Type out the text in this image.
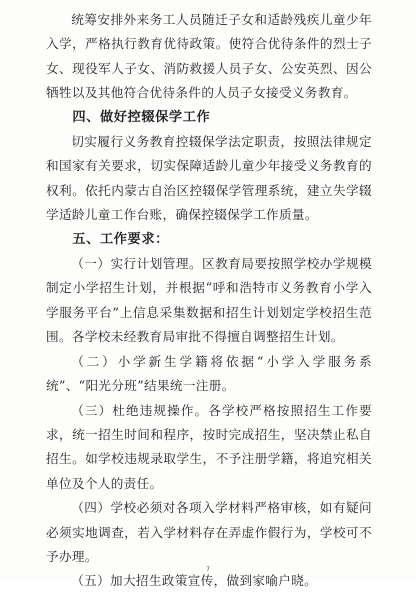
统筹安排外来务工人员随迁子女和适龄残疾儿童少年入学，严格执行教育优待政策。使符合优待条件的烈士子女、现役军人子女、消防救援人员子女、公安英烈、因公牺牲以及其他符合优待条件的人员子女接受义务教育。

四、做好控辍保学工作

切实履行义务教育控辍保学法定职责，按照法律规定和国家有关要求，切实保障适龄儿童少年接受义务教育的权利。依托内蒙古自治区控辍保学管理系统，建立失学辍学适龄儿童工作台账，确保控辍保学工作质量。

五、工作要求：

（一）实行计划管理。区教育局要按照学校办学规模制定小学招生计划，并根据“呼和浩特市义务教育小学入学服务平台”上信息采集数据和招生计划划定学校招生范围。各学校未经教育局审批不得擅自调整招生计划。

（二）小学新生学籍将依据“小学入学服务系统”、“阳光分班”结果统一注册。

（三）杜绝违规操作。各学校严格按照招生工作要求，统一招生时间和程序，按时完成招生，坚决禁止私自招生。如学校违规录取学生，不予注册学籍，将追究相关单位及个人的责任。

（四）学校必须对各项入学材料严格审核，如有疑问必须实地调查，若入学材料存在弄虚作假行为，学校可不予办理。

（五）加大招生政策宣传，做到家喻户晓。

7
